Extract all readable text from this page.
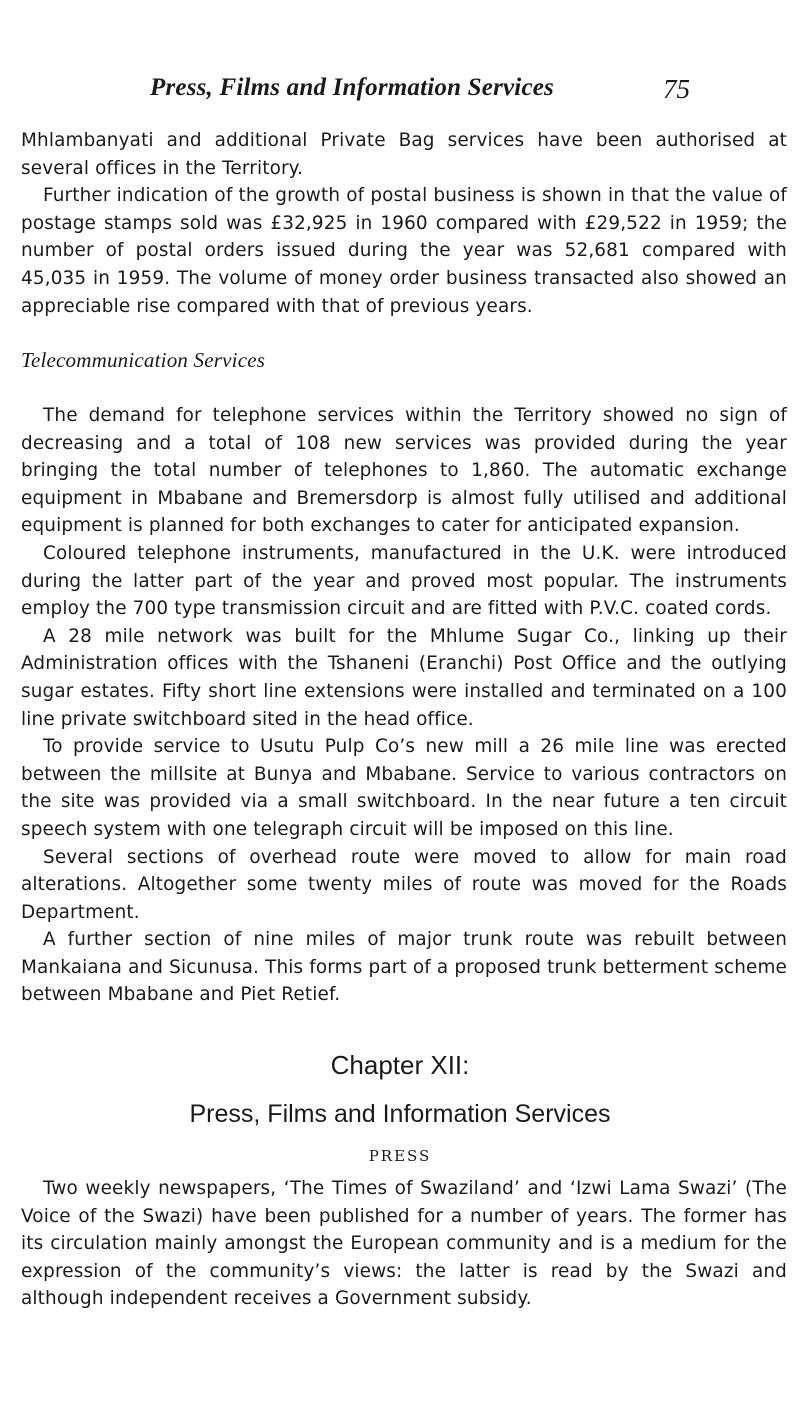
Press, Films and Information Services	75

Mhlambanyati and additional Private Bag services have been authorised at several offices in the Territory.

Further indication of the growth of postal business is shown in that the value of postage stamps sold was £32,925 in 1960 compared with £29,522 in 1959; the number of postal orders issued during the year was 52,681 compared with 45,035 in 1959. The volume of money order business transacted also showed an appreciable rise compared with that of previous years.

Telecommunication Services

The demand for telephone services within the Territory showed no sign of decreasing and a total of 108 new services was provided during the year bringing the total number of telephones to 1,860. The automatic exchange equipment in Mbabane and Bremersdorp is almost fully utilised and additional equipment is planned for both exchanges to cater for anticipated expansion.

Coloured telephone instruments, manufactured in the U.K. were introduced during the latter part of the year and proved most popular. The instruments employ the 700 type transmission circuit and are fitted with P.V.C. coated cords.

A 28 mile network was built for the Mhlume Sugar Co., linking up their Administration offices with the Tshaneni (Eranchi) Post Office and the outlying sugar estates. Fifty short line extensions were installed and terminated on a 100 line private switchboard sited in the head office.

To provide service to Usutu Pulp Co’s new mill a 26 mile line was erected between the millsite at Bunya and Mbabane. Service to various contractors on the site was provided via a small switchboard. In the near future a ten circuit speech system with one telegraph circuit will be imposed on this line.

Several sections of overhead route were moved to allow for main road alterations. Altogether some twenty miles of route was moved for the Roads Department.

A further section of nine miles of major trunk route was rebuilt between Mankaiana and Sicunusa. This forms part of a proposed trunk betterment scheme between Mbabane and Piet Retief.

Chapter XII:
Press, Films and Information Services
PRESS

Two weekly newspapers, ‘The Times of Swaziland’ and ‘Izwi Lama Swazi’ (The Voice of the Swazi) have been published for a number of years. The former has its circulation mainly amongst the European community and is a medium for the expression of the community’s views: the latter is read by the Swazi and although independent receives a Government subsidy.
